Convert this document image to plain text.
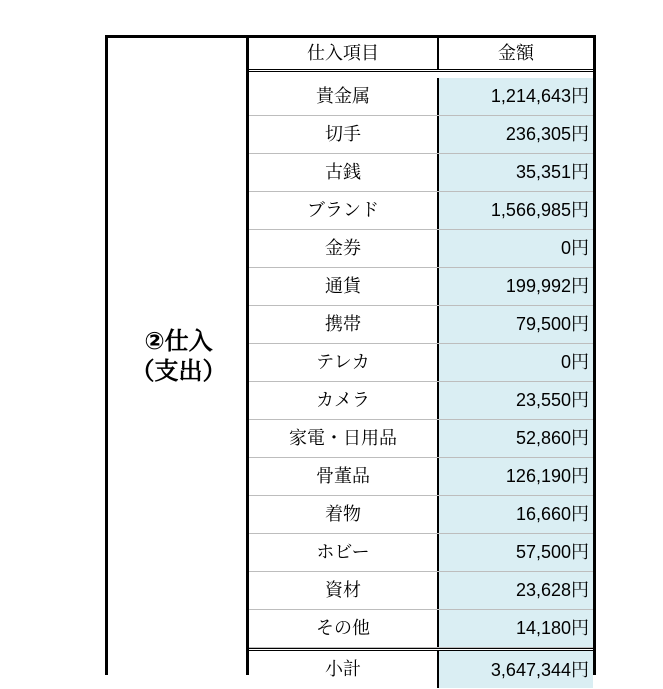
②仕入
（支出）
仕入項目	金額
貴金属	1,214,643円
切手	236,305円
古銭	35,351円
ブランド	1,566,985円
金券	0円
通貨	199,992円
携帯	79,500円
テレカ	0円
カメラ	23,550円
家電・日用品	52,860円
骨董品	126,190円
着物	16,660円
ホビー	57,500円
資材	23,628円
その他	14,180円
小計	3,647,344円
